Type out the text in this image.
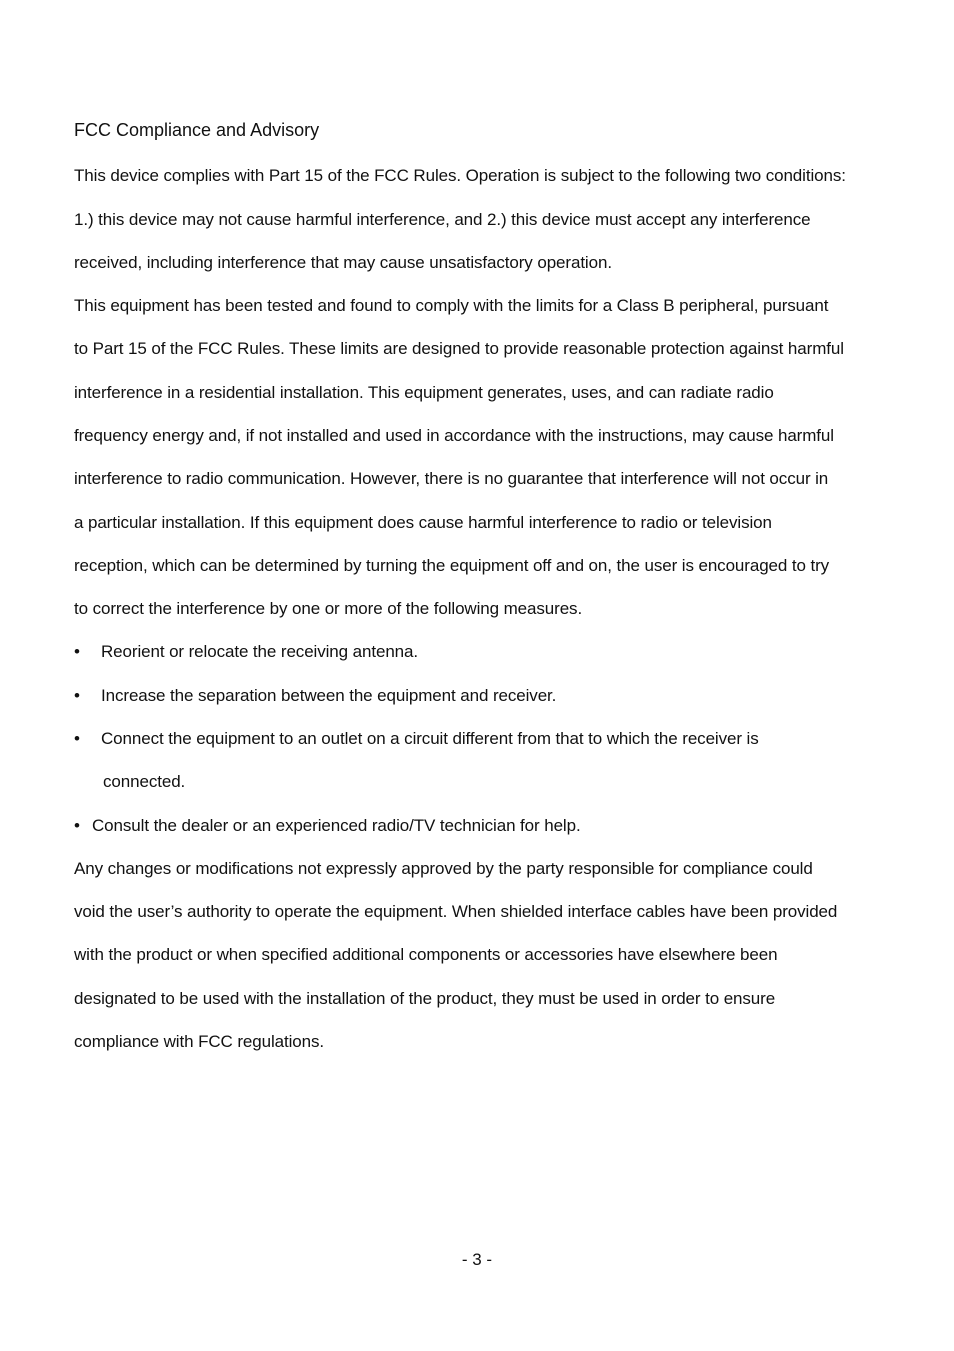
FCC Compliance and Advisory
This device complies with Part 15 of the FCC Rules. Operation is subject to the following two conditions:
1.) this device may not cause harmful interference, and 2.) this device must accept any interference
received, including interference that may cause unsatisfactory operation.
This equipment has been tested and found to comply with the limits for a Class B peripheral, pursuant
to Part 15 of the FCC Rules. These limits are designed to provide reasonable protection against harmful
interference in a residential installation. This equipment generates, uses, and can radiate radio
frequency energy and, if not installed and used in accordance with the instructions, may cause harmful
interference to radio communication. However, there is no guarantee that interference will not occur in
a particular installation. If this equipment does cause harmful interference to radio or television
reception, which can be determined by turning the equipment off and on, the user is encouraged to try
to correct the interference by one or more of the following measures.
• Reorient or relocate the receiving antenna.
• Increase the separation between the equipment and receiver.
• Connect the equipment to an outlet on a circuit different from that to which the receiver is
connected.
• Consult the dealer or an experienced radio/TV technician for help.
Any changes or modifications not expressly approved by the party responsible for compliance could
void the user’s authority to operate the equipment. When shielded interface cables have been provided
with the product or when specified additional components or accessories have elsewhere been
designated to be used with the installation of the product, they must be used in order to ensure
compliance with FCC regulations.
- 3 -
